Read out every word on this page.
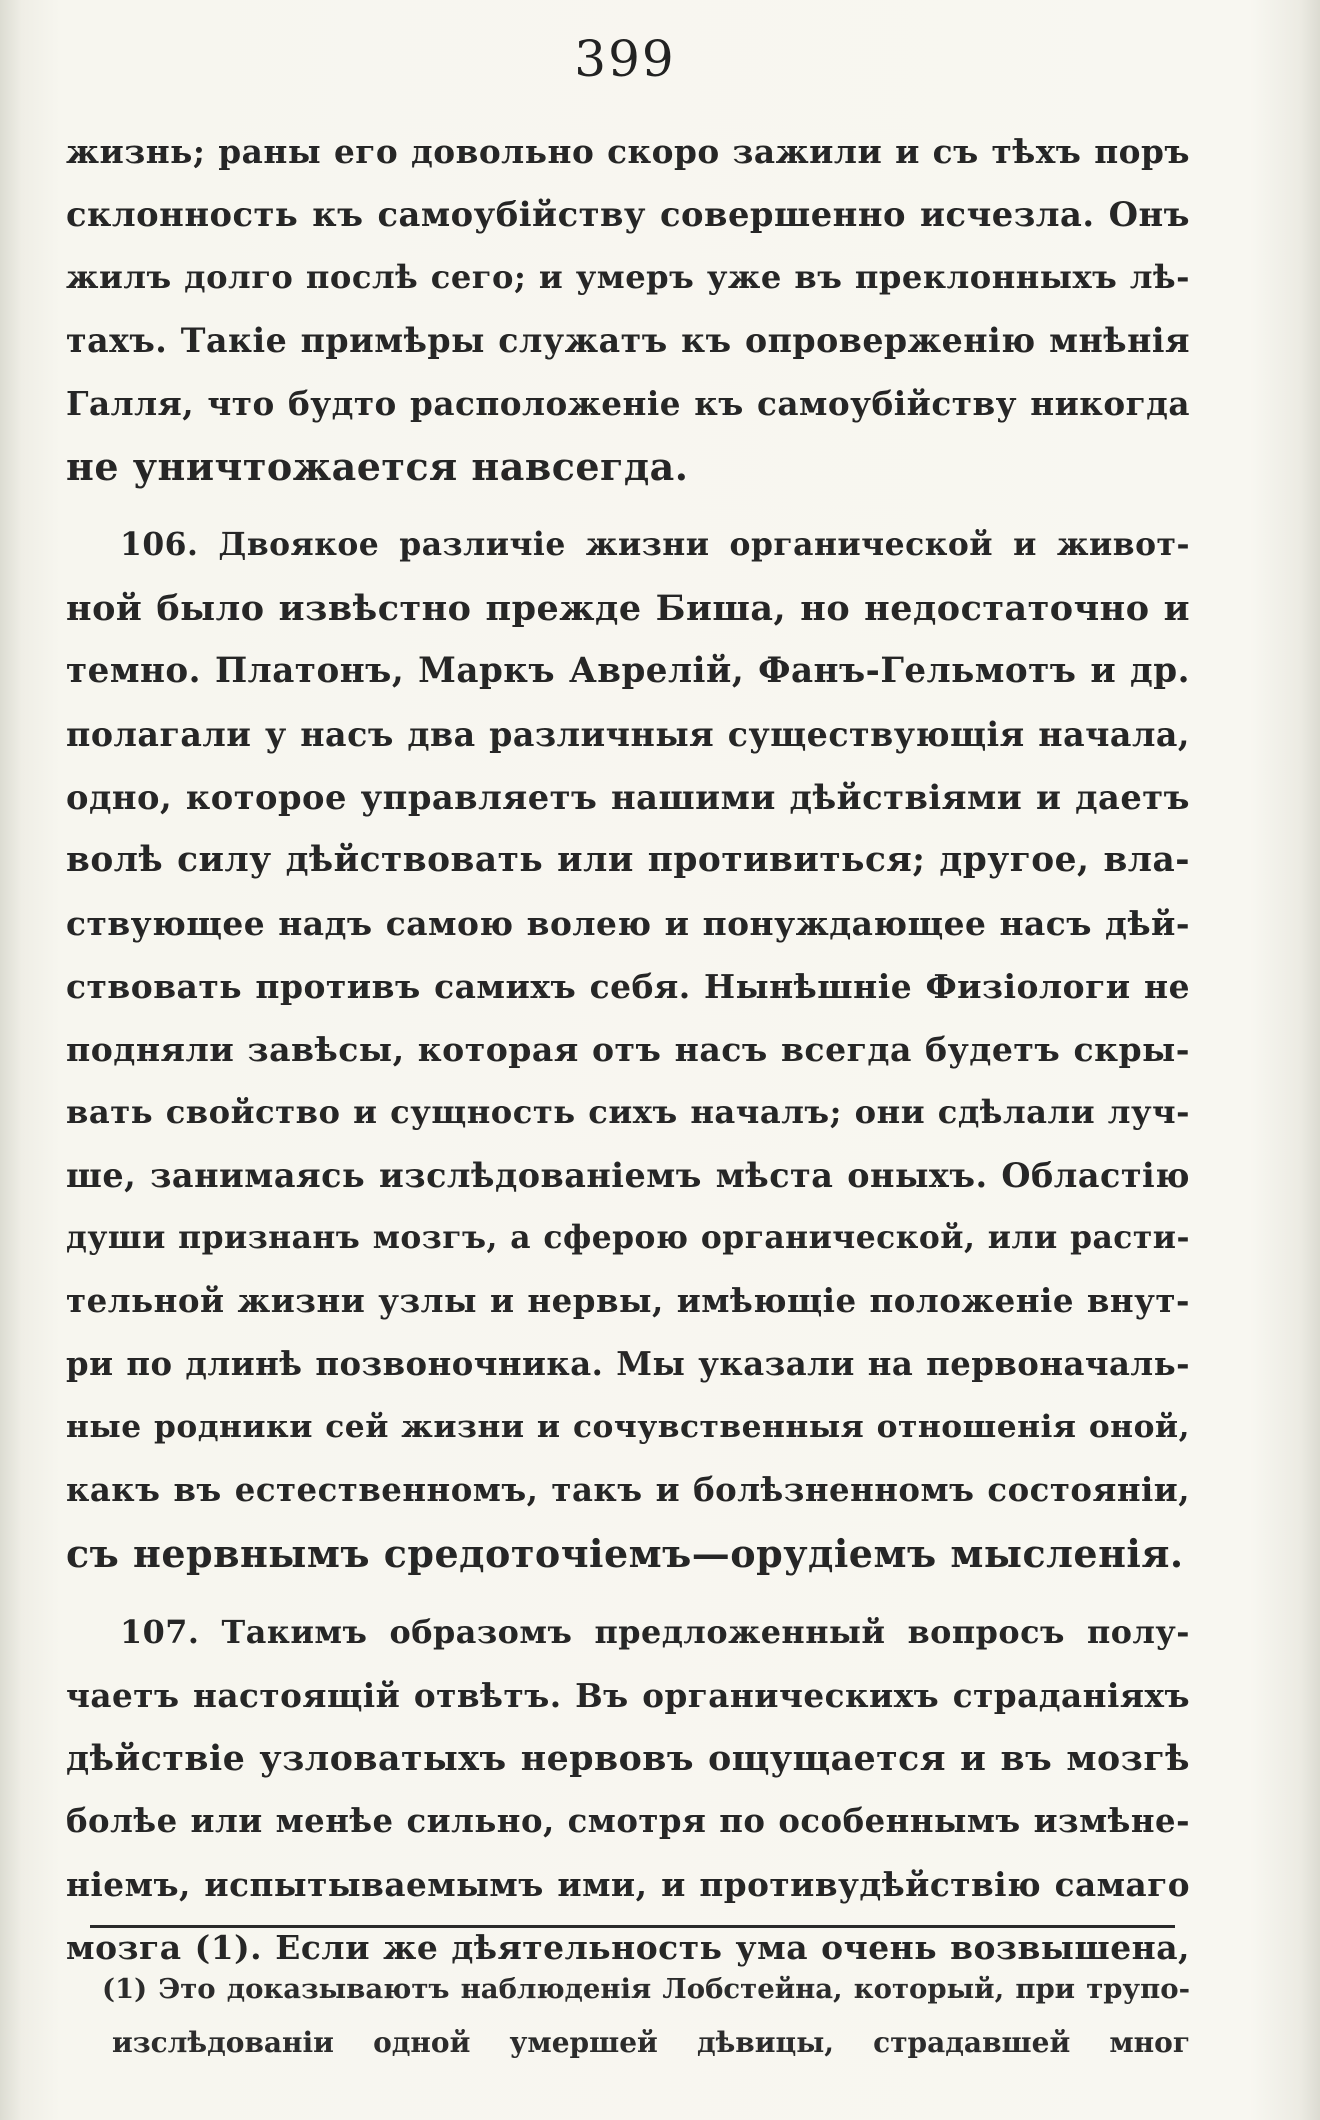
399
жизнь; раны его довольно скоро зажили и съ тѣхъ поръ
склонность къ самоубійству совершенно исчезла. Онъ
жилъ долго послѣ сего; и умеръ уже въ преклонныхъ лѣ-
тахъ. Такіе примѣры служатъ къ опроверженію мнѣнія
Галля, что будто расположеніе къ самоубійству никогда
не уничтожается навсегда.
106. Двоякое различіе жизни органической и живот-
ной было извѣстно прежде Биша, но недостаточно и
темно. Платонъ, Маркъ Аврелій, Фанъ-Гельмотъ и др.
полагали у насъ два различныя существующія начала,
одно, которое управляетъ нашими дѣйствіями и даетъ
волѣ силу дѣйствовать или противиться; другое, вла-
ствующее надъ самою волею и понуждающее насъ дѣй-
ствовать противъ самихъ себя. Нынѣшніе Физіологи не
подняли завѣсы, которая отъ насъ всегда будетъ скры-
вать свойство и сущность сихъ началъ; они сдѣлали луч-
ше, занимаясь изслѣдованіемъ мѣста оныхъ. Областію
души признанъ мозгъ, а сферою органической, или расти-
тельной жизни узлы и нервы, имѣющіе положеніе внут-
ри по длинѣ позвоночника. Мы указали на первоначаль-
ные родники сей жизни и сочувственныя отношенія оной,
какъ въ естественномъ, такъ и болѣзненномъ состояніи,
съ нервнымъ средоточіемъ—орудіемъ мысленія.
107. Такимъ образомъ предложенный вопросъ полу-
чаетъ настоящій отвѣтъ. Въ органическихъ страданіяхъ
дѣйствіе узловатыхъ нервовъ ощущается и въ мозгѣ
болѣе или менѣе сильно, смотря по особеннымъ измѣне-
ніемъ, испытываемымъ ими, и противудѣйствію самаго
мозга (1). Если же дѣятельность ума очень возвышена,
(1) Это доказываютъ наблюденія Лобстейна, который, при трупо-
изслѣдованіи одной умершей дѣвицы, страдавшей мног
